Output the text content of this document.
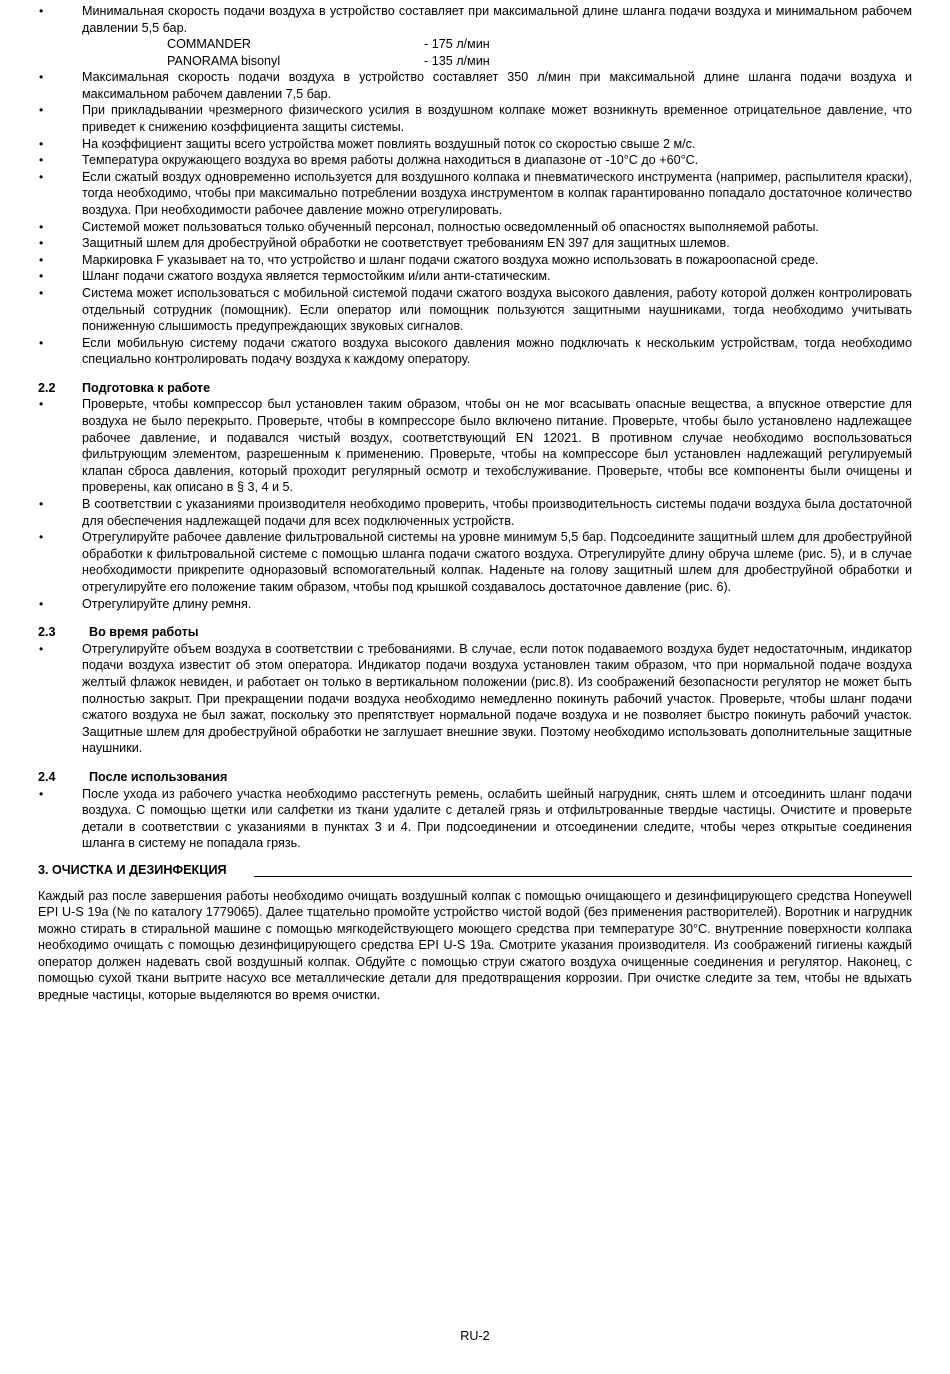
• Минимальная скорость подачи воздуха в устройство составляет при максимальной длине шланга подачи воздуха и минимальном рабочем давлении 5,5 бар.
COMMANDER	- 175 л/мин
PANORAMA bisonyl	- 135 л/мин
• Максимальная скорость подачи воздуха в устройство составляет 350 л/мин при максимальной длине шланга подачи воздуха и максимальном рабочем давлении 7,5 бар.
• При прикладывании чрезмерного физического усилия в воздушном колпаке может возникнуть временное отрицательное давление, что приведет к снижению коэффициента защиты системы.
• На коэффициент защиты всего устройства может повлиять воздушный поток со скоростью свыше 2 м/с.
• Температура окружающего воздуха во время работы должна находиться в диапазоне от -10°С до +60°С.
• Если сжатый воздух одновременно используется для воздушного колпака и пневматического инструмента (например, распылителя краски), тогда необходимо, чтобы при максимально потреблении воздуха инструментом в колпак гарантированно попадало достаточное количество воздуха. При необходимости рабочее давление можно отрегулировать.
• Системой может пользоваться только обученный персонал, полностью осведомленный об опасностях выполняемой работы.
• Защитный шлем для дробеструйной обработки не соответствует требованиям EN 397 для защитных шлемов.
• Маркировка F указывает на то, что устройство и шланг подачи сжатого воздуха можно использовать в пожароопасной среде.
• Шланг подачи сжатого воздуха является термостойким и/или анти-статическим.
• Система может использоваться с мобильной системой подачи сжатого воздуха высокого давления, работу которой должен контролировать отдельный сотрудник (помощник). Если оператор или помощник пользуются защитными наушниками, тогда необходимо учитывать пониженную слышимость предупреждающих звуковых сигналов.
• Если мобильную систему подачи сжатого воздуха высокого давления можно подключать к нескольким устройствам, тогда необходимо специально контролировать подачу воздуха к каждому оператору.
2.2	Подготовка к работе
• Проверьте, чтобы компрессор был установлен таким образом, чтобы он не мог всасывать опасные вещества, а впускное отверстие для воздуха не было перекрыто. Проверьте, чтобы в компрессоре было включено питание. Проверьте, чтобы было установлено надлежащее рабочее давление, и подавался чистый воздух, соответствующий EN 12021. В противном случае необходимо воспользоваться фильтрующим элементом, разрешенным к применению. Проверьте, чтобы на компрессоре был установлен надлежащий регулируемый клапан сброса давления, который проходит регулярный осмотр и техобслуживание. Проверьте, чтобы все компоненты были очищены и проверены, как описано в § 3, 4 и 5.
• В соответствии с указаниями производителя необходимо проверить, чтобы производительность системы подачи воздуха была достаточной для обеспечения надлежащей подачи для всех подключенных устройств.
• Отрегулируйте рабочее давление фильтровальной системы на уровне минимум 5,5 бар. Подсоедините защитный шлем для дробеструйной обработки к фильтровальной системе с помощью шланга подачи сжатого воздуха. Отрегулируйте длину обруча шлеме (рис. 5), и в случае необходимости прикрепите одноразовый вспомогательный колпак. Наденьте на голову защитный шлем для дробеструйной обработки и отрегулируйте его положение таким образом, чтобы под крышкой создавалось достаточное давление (рис. 6).
• Отрегулируйте длину ремня.
2.3	Во время работы
• Отрегулируйте объем воздуха в соответствии с требованиями. В случае, если поток подаваемого воздуха будет недостаточным, индикатор подачи воздуха известит об этом оператора. Индикатор подачи воздуха установлен таким образом, что при нормальной подаче воздуха желтый флажок невиден, и работает он только в вертикальном положении (рис.8). Из соображений безопасности регулятор не может быть полностью закрыт. При прекращении подачи воздуха необходимо немедленно покинуть рабочий участок. Проверьте, чтобы шланг подачи сжатого воздуха не был зажат, поскольку это препятствует нормальной подаче воздуха и не позволяет быстро покинуть рабочий участок. Защитные шлем для дробеструйной обработки не заглушает внешние звуки. Поэтому необходимо использовать дополнительные защитные наушники.
2.4	После использования
• После ухода из рабочего участка необходимо расстегнуть ремень, ослабить шейный нагрудник, снять шлем и отсоединить шланг подачи воздуха. С помощью щетки или салфетки из ткани удалите с деталей грязь и отфильтрованные твердые частицы. Очистите и проверьте детали в соответствии с указаниями в пунктах 3 и 4. При подсоединении и отсоединении следите, чтобы через открытые соединения шланга в систему не попадала грязь.
3. ОЧИСТКА И ДЕЗИНФЕКЦИЯ

Каждый раз после завершения работы необходимо очищать воздушный колпак с помощью очищающего и дезинфицирующего средства Honeywell EPI U-S 19a (№ по каталогу 1779065). Далее тщательно промойте устройство чистой водой (без применения растворителей). Воротник и нагрудник можно стирать в стиральной машине с помощью мягкодействующего моющего средства при температуре 30°С. внутренние поверхности колпака необходимо очищать с помощью дезинфицирующего средства EPI U-S 19a. Смотрите указания производителя. Из соображений гигиены каждый оператор должен надевать свой воздушный колпак. Обдуйте с помощью струи сжатого воздуха очищенные соединения и регулятор. Наконец, с помощью сухой ткани вытрите насухо все металлические детали для предотвращения коррозии. При очистке следите за тем, чтобы не вдыхать вредные частицы, которые выделяются во время очистки.

RU-2
